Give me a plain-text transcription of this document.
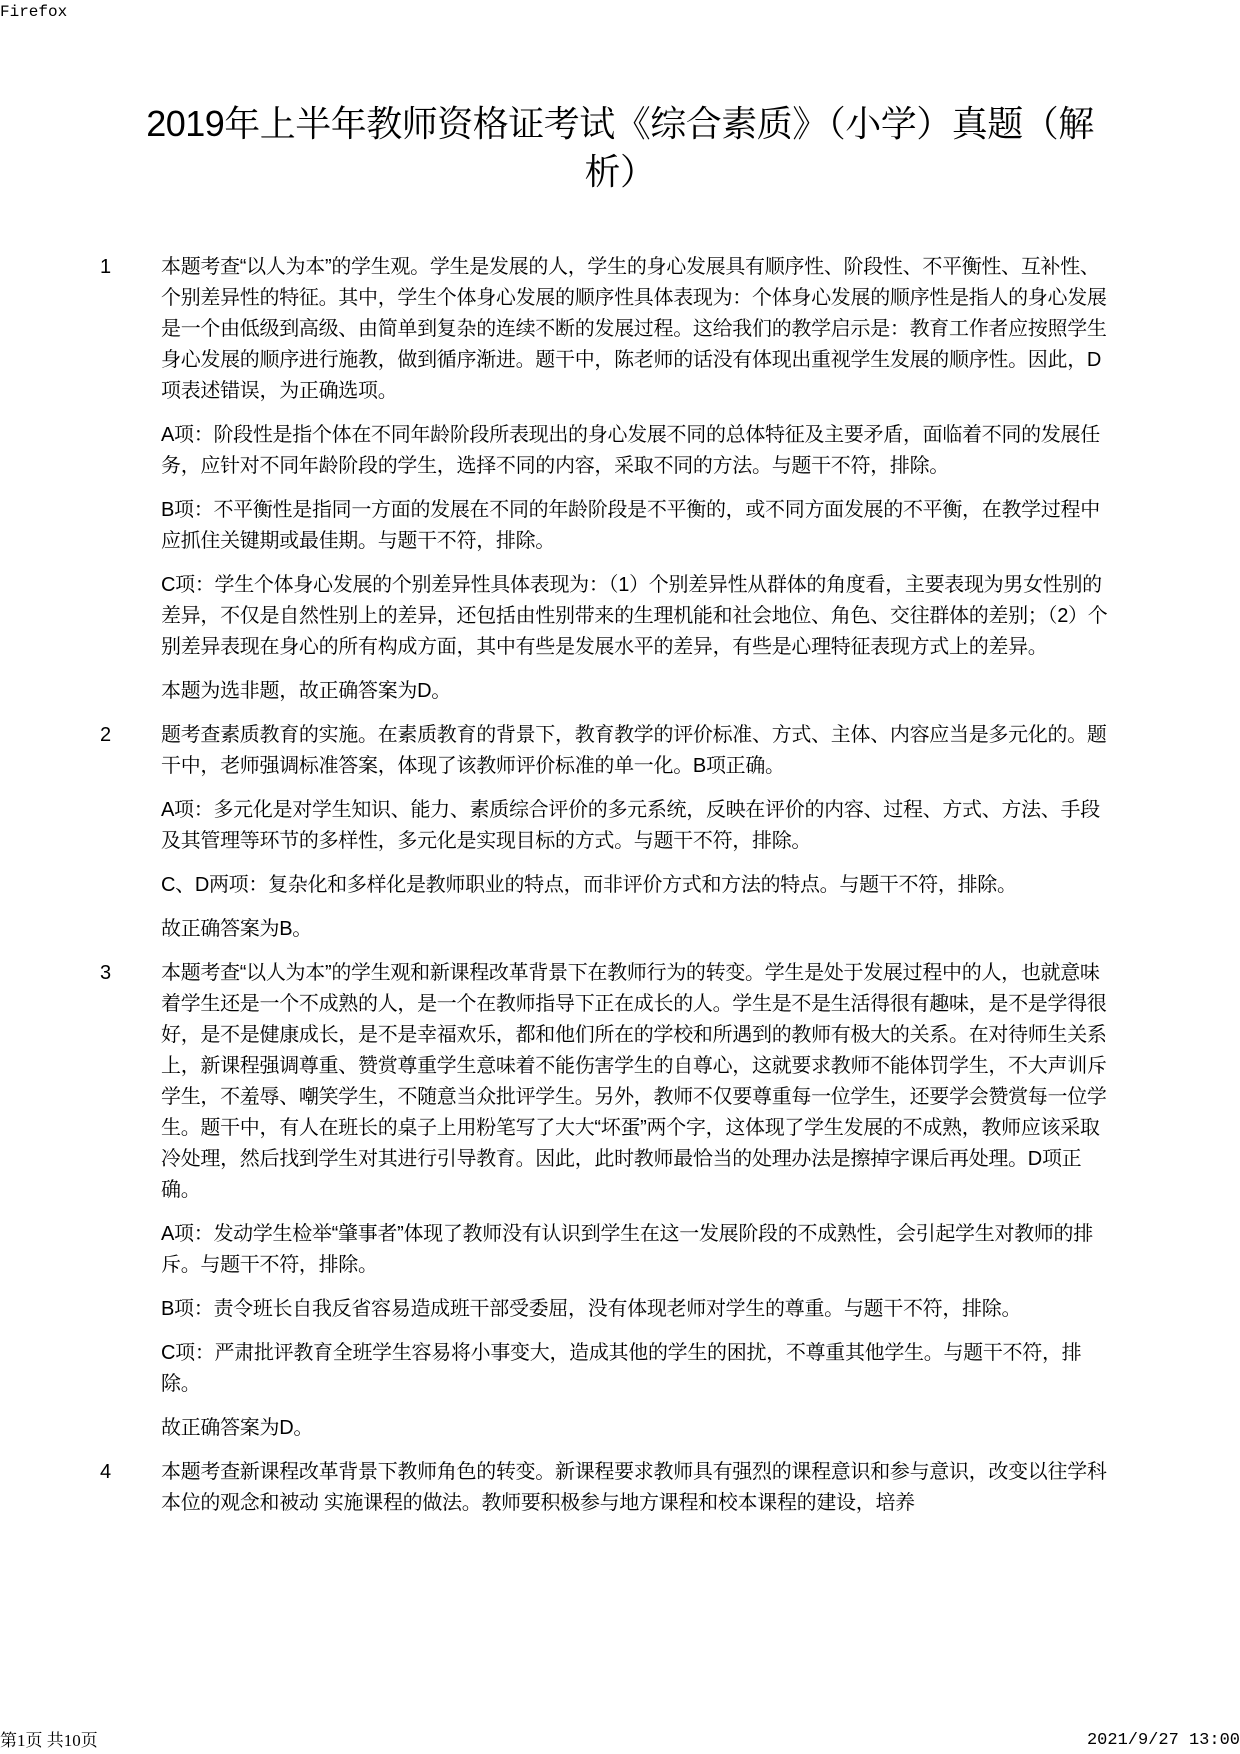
Firefox
2019年上半年教师资格证考试《综合素质》（小学）真题（解析）
1 本题考查“以人为本”的学生观。学生是发展的人，学生的身心发展具有顺序性、阶段性、不平衡性、互补性、个别差异性的特征。其中，学生个体身心发展的顺序性具体表现为：个体身心发展的顺序性是指人的身心发展是一个由低级到高级、由简单到复杂的连续不断的发展过程。这给我们的教学启示是：教育工作者应按照学生身心发展的顺序进行施教，做到循序渐进。题干中，陈老师的话没有体现出重视学生发展的顺序性。因此，D项表述错误，为正确选项。

A项：阶段性是指个体在不同年龄阶段所表现出的身心发展不同的总体特征及主要矛盾，面临着不同的发展任务，应针对不同年龄阶段的学生，选择不同的内容，采取不同的方法。与题干不符，排除。

B项：不平衡性是指同一方面的发展在不同的年龄阶段是不平衡的，或不同方面发展的不平衡，在教学过程中应抓住关键期或最佳期。与题干不符，排除。

C项：学生个体身心发展的个别差异性具体表现为：（1）个别差异性从群体的角度看，主要表现为男女性别的差异，不仅是自然性别上的差异，还包括由性别带来的生理机能和社会地位、角色、交往群体的差别；（2）个别差异表现在身心的所有构成方面，其中有些是发展水平的差异，有些是心理特征表现方式上的差异。

本题为选非题，故正确答案为D。

2 题考查素质教育的实施。在素质教育的背景下，教育教学的评价标准、方式、主体、内容应当是多元化的。题干中，老师强调标准答案，体现了该教师评价标准的单一化。B项正确。

A项：多元化是对学生知识、能力、素质综合评价的多元系统，反映在评价的内容、过程、方式、方法、手段及其管理等环节的多样性，多元化是实现目标的方式。与题干不符，排除。

C、D两项：复杂化和多样化是教师职业的特点，而非评价方式和方法的特点。与题干不符，排除。

故正确答案为B。

3 本题考查“以人为本”的学生观和新课程改革背景下在教师行为的转变。学生是处于发展过程中的人，也就意味着学生还是一个不成熟的人，是一个在教师指导下正在成长的人。学生是不是生活得很有趣味，是不是学得很好，是不是健康成长，是不是幸福欢乐，都和他们所在的学校和所遇到的教师有极大的关系。在对待师生关系上，新课程强调尊重、赞赏尊重学生意味着不能伤害学生的自尊心，这就要求教师不能体罚学生，不大声训斥学生，不羞辱、嘲笑学生，不随意当众批评学生。另外，教师不仅要尊重每一位学生，还要学会赞赏每一位学生。题干中，有人在班长的桌子上用粉笔写了大大“坏蛋”两个字，这体现了学生发展的不成熟，教师应该采取冷处理，然后找到学生对其进行引导教育。因此，此时教师最恰当的处理办法是擦掉字课后再处理。D项正确。

A项：发动学生检举“肇事者”体现了教师没有认识到学生在这一发展阶段的不成熟性，会引起学生对教师的排斥。与题干不符，排除。

B项：责令班长自我反省容易造成班干部受委屈，没有体现老师对学生的尊重。与题干不符，排除。

C项：严肃批评教育全班学生容易将小事变大，造成其他的学生的困扰，不尊重其他学生。与题干不符，排除。

故正确答案为D。

4 本题考查新课程改革背景下教师角色的转变。新课程要求教师具有强烈的课程意识和参与意识，改变以往学科本位的观念和被动 实施课程的做法。教师要积极参与地方课程和校本课程的建设，培养

第1页 共10页	2021/9/27 13:00
